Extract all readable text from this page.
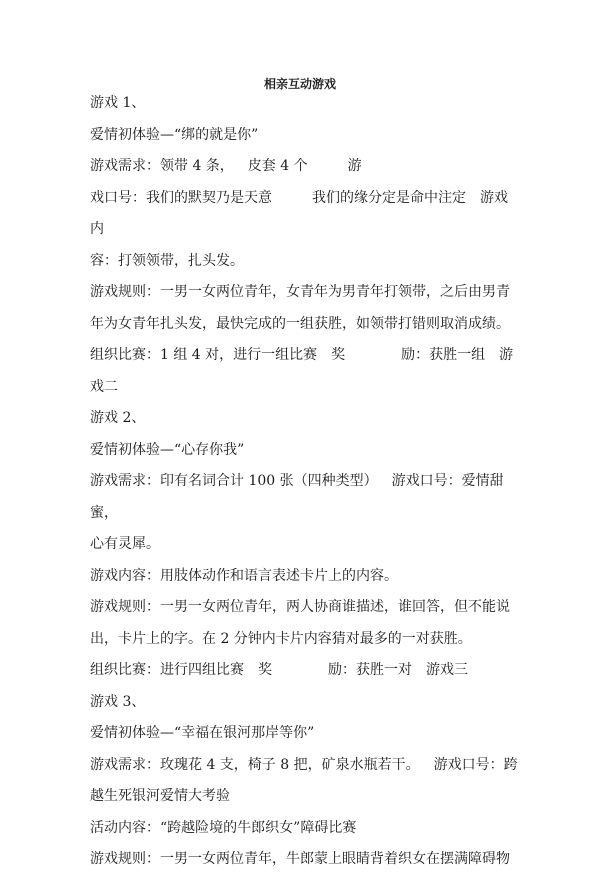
相亲互动游戏

游戏 1、

爱情初体验—“绑的就是你”

游戏需求：领带 4 条， 皮套 4 个	游

戏口号：我们的默契乃是天意	我们的缘分定是命中注定 游戏内

容：打领领带，扎头发。

游戏规则：一男一女两位青年，女青年为男青年打领带，之后由男青

年为女青年扎头发，最快完成的一组获胜，如领带打错则取消成绩。

组织比赛：1 组 4 对，进行一组比赛 奖	励：获胜一组 游

戏二

游戏 2、

爱情初体验—“心存你我”

游戏需求：印有名词合计 100 张（四种类型） 游戏口号：爱情甜蜜，

心有灵犀。

游戏内容：用肢体动作和语言表述卡片上的内容。

游戏规则：一男一女两位青年，两人协商谁描述，谁回答，但不能说

出，卡片上的字。在 2 分钟内卡片内容猜对最多的一对获胜。

组织比赛：进行四组比赛 奖	励：获胜一对 游戏三

游戏 3、

爱情初体验—“幸福在银河那岸等你”

游戏需求：玫瑰花 4 支，椅子 8 把，矿泉水瓶若干。 游戏口号：跨

越生死银河爱情大考验

活动内容：“跨越险境的牛郎织女”障碍比赛

游戏规则：一男一女两位青年，牛郎蒙上眼睛背着织女在摆满障碍物
